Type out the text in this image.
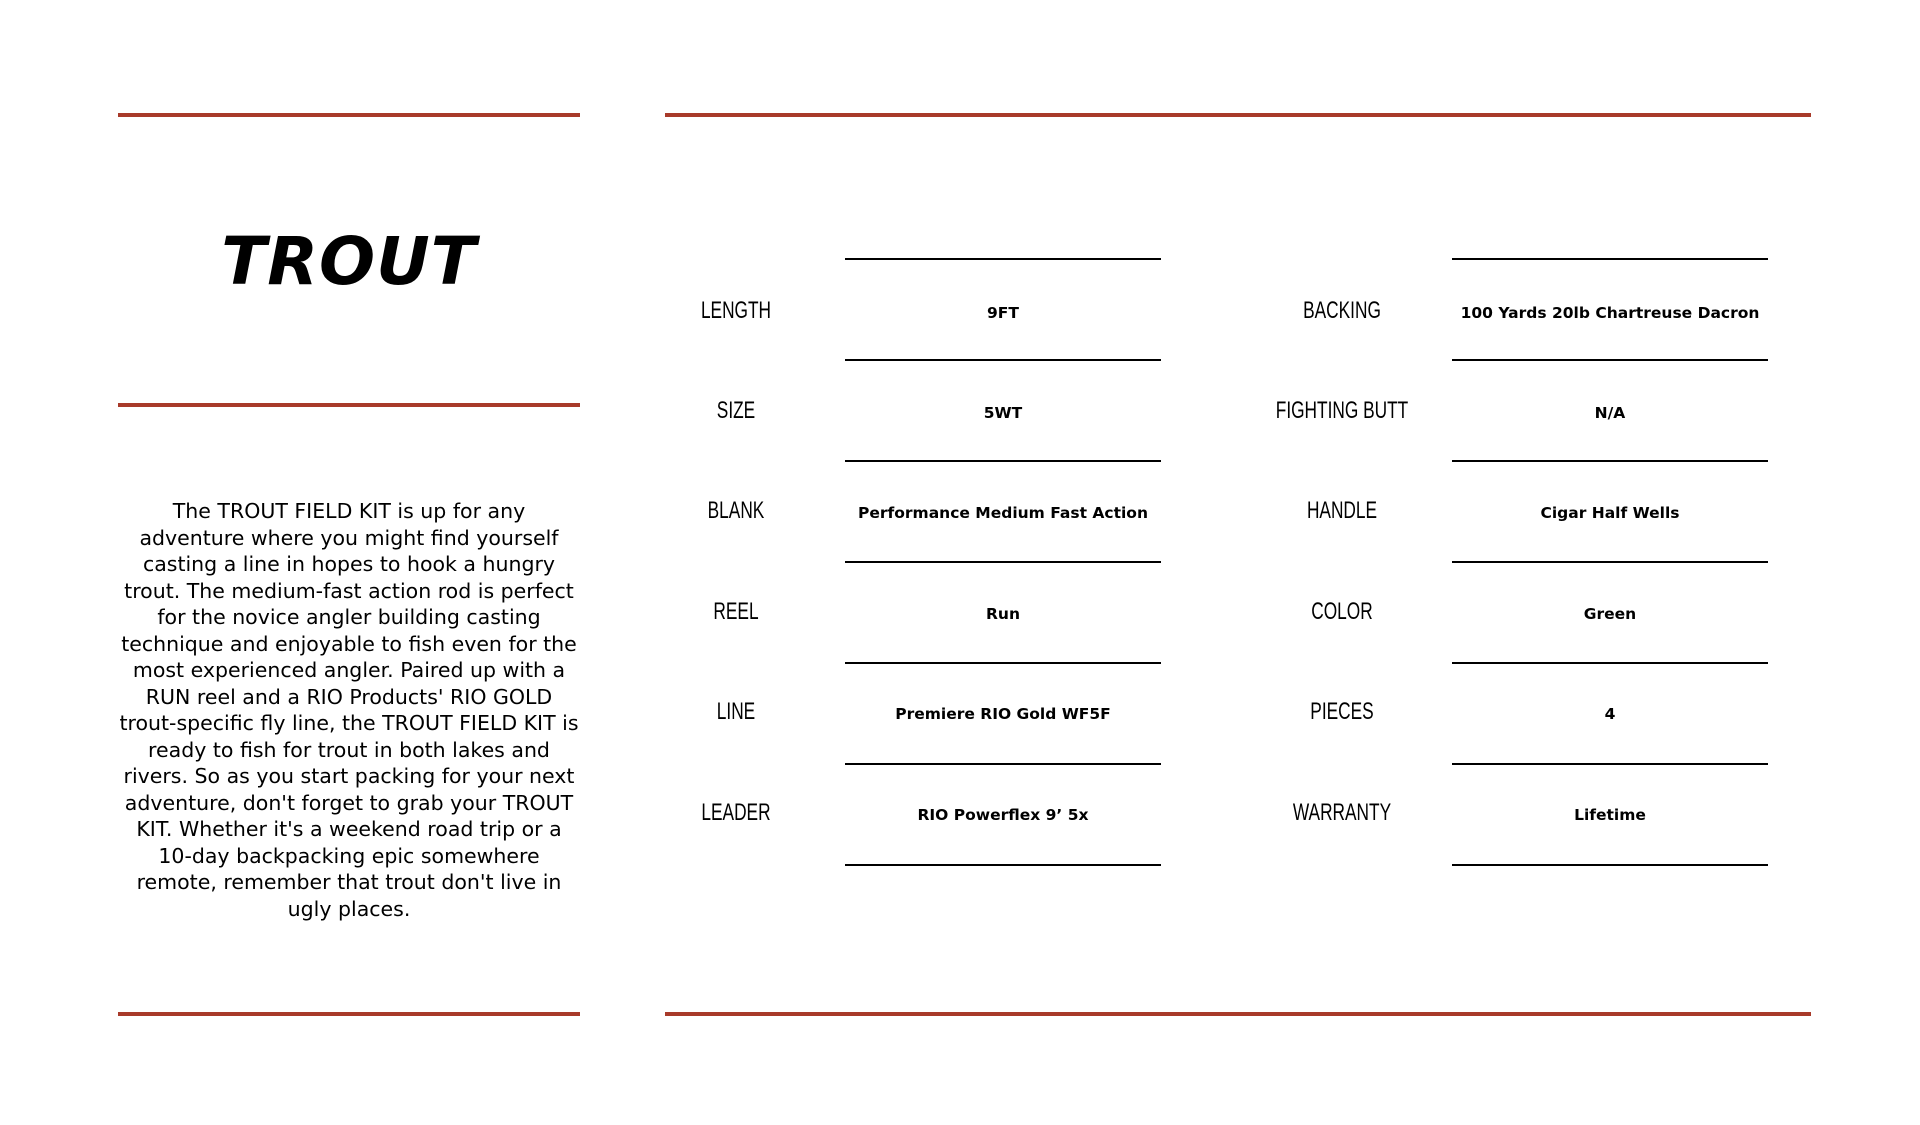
TROUT

The TROUT FIELD KIT is up for any adventure where you might find yourself casting a line in hopes to hook a hungry trout. The medium-fast action rod is perfect for the novice angler building casting technique and enjoyable to fish even for the most experienced angler. Paired up with a RUN reel and a RIO Products' RIO GOLD trout-specific fly line, the TROUT FIELD KIT is ready to fish for trout in both lakes and rivers. So as you start packing for your next adventure, don't forget to grab your TROUT KIT. Whether it's a weekend road trip or a 10-day backpacking epic somewhere remote, remember that trout don't live in ugly places.

LENGTH	9FT
SIZE	5WT
BLANK	Performance Medium Fast Action
REEL	Run
LINE	Premiere RIO Gold WF5F
LEADER	RIO Powerflex 9’ 5x
BACKING	100 Yards 20lb Chartreuse Dacron
FIGHTING BUTT	N/A
HANDLE	Cigar Half Wells
COLOR	Green
PIECES	4
WARRANTY	Lifetime
